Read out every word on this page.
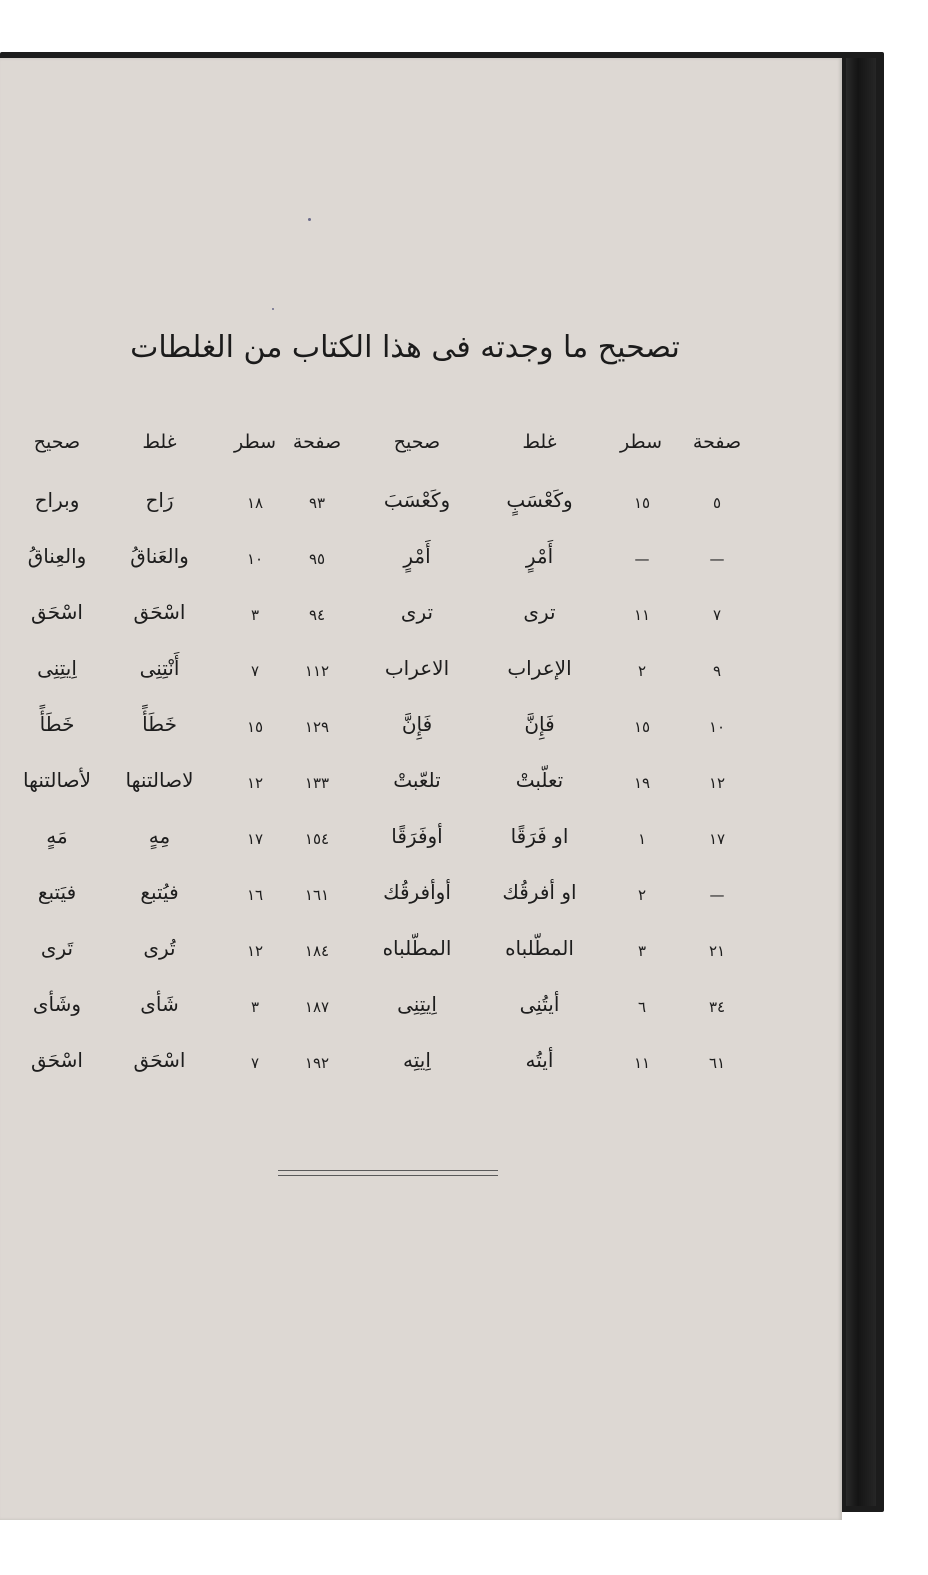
تصحيح ما وجدته فى هذا الكتاب من الغلطات
صفحة
سطر
غلط
صحيح
صفحة
سطر
غلط
صحيح
٥
١٥
وكَعْسَبٍ
وكَعْسَبَ
٩٣
١٨
رَاح
وبراح
—
—
أَمْرٍ
أَمْرٍ
٩٥
١٠
والعَناقُ
والعِناقُ
٧
١١
ترى
ترى
٩٤
٣
اسْحَق
اسْحَق
٩
٢
الإعراب
الاعراب
١١٢
٧
أَنْتِنِى
اِيتِنِى
١٠
١٥
فَإِنَّ
فَإِنَّ
١٢٩
١٥
خَطَأً
خَطَأً
١٢
١٩
تعلّبتْ
تلعّبتْ
١٣٣
١٢
لاصالتنها
لأصالتنها
١٧
١
او فَرَقًا
أوفَرَقًا
١٥٤
١٧
مِهٍ
مَهٍ
—
٢
او أفرقُك
أوأفرقُك
١٦١
١٦
فيُتبع
فيَتبع
٢١
٣
المطّلباه
المطّلباه
١٨٤
١٢
تُرى
تَرى
٣٤
٦
أيتُنِى
اِيتِنِى
١٨٧
٣
شَأى
وشَأى
٦١
١١
أيتُه
اِيتِه
١٩٢
٧
اسْحَق
اسْحَق
